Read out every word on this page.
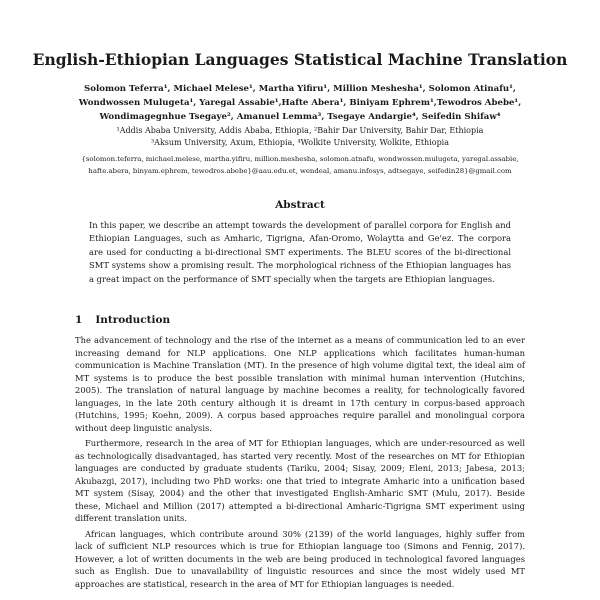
English-Ethiopian Languages Statistical Machine Translation
Solomon Teferra¹, Michael Melese¹, Martha Yifiru¹, Million Meshesha¹, Solomon Atinafu¹,
Wondwossen Mulugeta¹, Yaregal Assabie¹,Hafte Abera¹, Biniyam Ephrem¹,Tewodros Abebe¹,
Wondimagegnhue Tsegaye², Amanuel Lemma³, Tsegaye Andargie⁴, Seifedin Shifaw⁴
¹Addis Ababa University, Addis Ababa, Ethiopia, ²Bahir Dar University, Bahir Dar, Ethiopia
³Aksum University, Axum, Ethiopia, ⁴Wolkite University, Wolkite, Ethiopia
{solomon.teferra, michael.melese, martha.yifiru, million.meshesha, solomon.atnafu, wondwossen.mulugeta, yaregal.assabie,
hafte.abera, binyam.ephrem, tewodros.abebe}@aau.edu.et, wendeal, amanu.infosys, adtsegaye, seifedin28}@gmail.com
Abstract
In this paper, we describe an attempt towards the development of parallel corpora for English and Ethiopian Languages, such as Amharic, Tigrigna, Afan-Oromo, Wolaytta and Ge'ez. The corpora are used for conducting a bi-directional SMT experiments. The BLEU scores of the bi-directional SMT systems show a promising result. The morphological richness of the Ethiopian languages has a great impact on the performance of SMT specially when the targets are Ethiopian languages.
1 Introduction

The advancement of technology and the rise of the internet as a means of communication led to an ever increasing demand for NLP applications. One NLP applications which facilitates human-human communication is Machine Translation (MT). In the presence of high volume digital text, the ideal aim of MT systems is to produce the best possible translation with minimal human intervention (Hutchins, 2005). The translation of natural language by machine becomes a reality, for technologically favored languages, in the late 20th century although it is dreamt in 17th century in corpus-based approach (Hutchins, 1995; Koehn, 2009). A corpus based approaches require parallel and monolingual corpora without deep linguistic analysis.

Furthermore, research in the area of MT for Ethiopian languages, which are under-resourced as well as technologically disadvantaged, has started very recently. Most of the researches on MT for Ethiopian languages are conducted by graduate students (Tariku, 2004; Sisay, 2009; Eleni, 2013; Jabesa, 2013; Akubazgi, 2017), including two PhD works: one that tried to integrate Amharic into a unification based MT system (Sisay, 2004) and the other that investigated English-Amharic SMT (Mulu, 2017). Beside these, Michael and Million (2017) attempted a bi-directional Amharic-Tigrigna SMT experiment using different translation units.

African languages, which contribute around 30% (2139) of the world languages, highly suffer from lack of sufficient NLP resources which is true for Ethiopian language too (Simons and Fennig, 2017). However, a lot of written documents in the web are being produced in technological favored languages such as English. Due to unavailability of linguistic resources and since the most widely used MT approaches are statistical, research in the area of MT for Ethiopian languages is needed.
